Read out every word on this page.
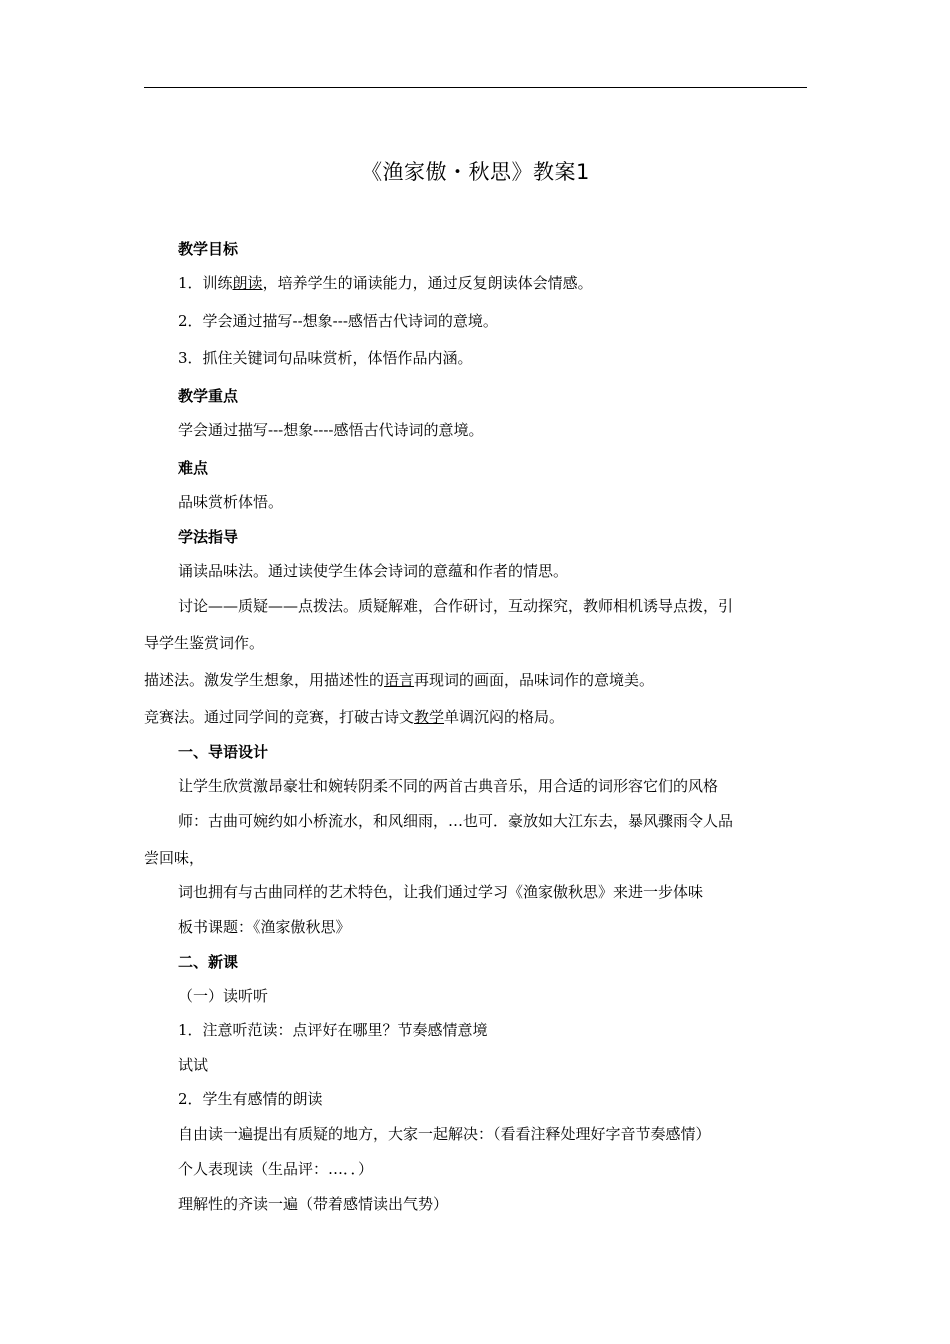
《渔家傲・秋思》教案1
教学目标
1．训练朗读，培养学生的诵读能力，通过反复朗读体会情感。
2．学会通过描写--想象---感悟古代诗词的意境。
3．抓住关键词句品味赏析，体悟作品内涵。
教学重点
学会通过描写---想象----感悟古代诗词的意境。
难点
品味赏析体悟。
学法指导
诵读品味法。通过读使学生体会诗词的意蕴和作者的情思。
讨论——质疑——点拨法。质疑解难，合作研讨，互动探究，教师相机诱导点拨，引
导学生鉴赏词作。
描述法。激发学生想象，用描述性的语言再现词的画面，品味词作的意境美。
竞赛法。通过同学间的竞赛，打破古诗文教学单调沉闷的格局。
一、导语设计
让学生欣赏激昂豪壮和婉转阴柔不同的两首古典音乐，用合适的词形容它们的风格
师：古曲可婉约如小桥流水，和风细雨，…也可．豪放如大江东去，暴风骤雨令人品
尝回味，
词也拥有与古曲同样的艺术特色，让我们通过学习《渔家傲秋思》来进一步体味
板书课题：《渔家傲秋思》
二、新课
（一）读听听
1．注意听范读：点评好在哪里？节奏感情意境
试试
2．学生有感情的朗读
自由读一遍提出有质疑的地方，大家一起解决：（看看注释处理好字音节奏感情）
个人表现读（生品评：…．．）
理解性的齐读一遍（带着感情读出气势）
